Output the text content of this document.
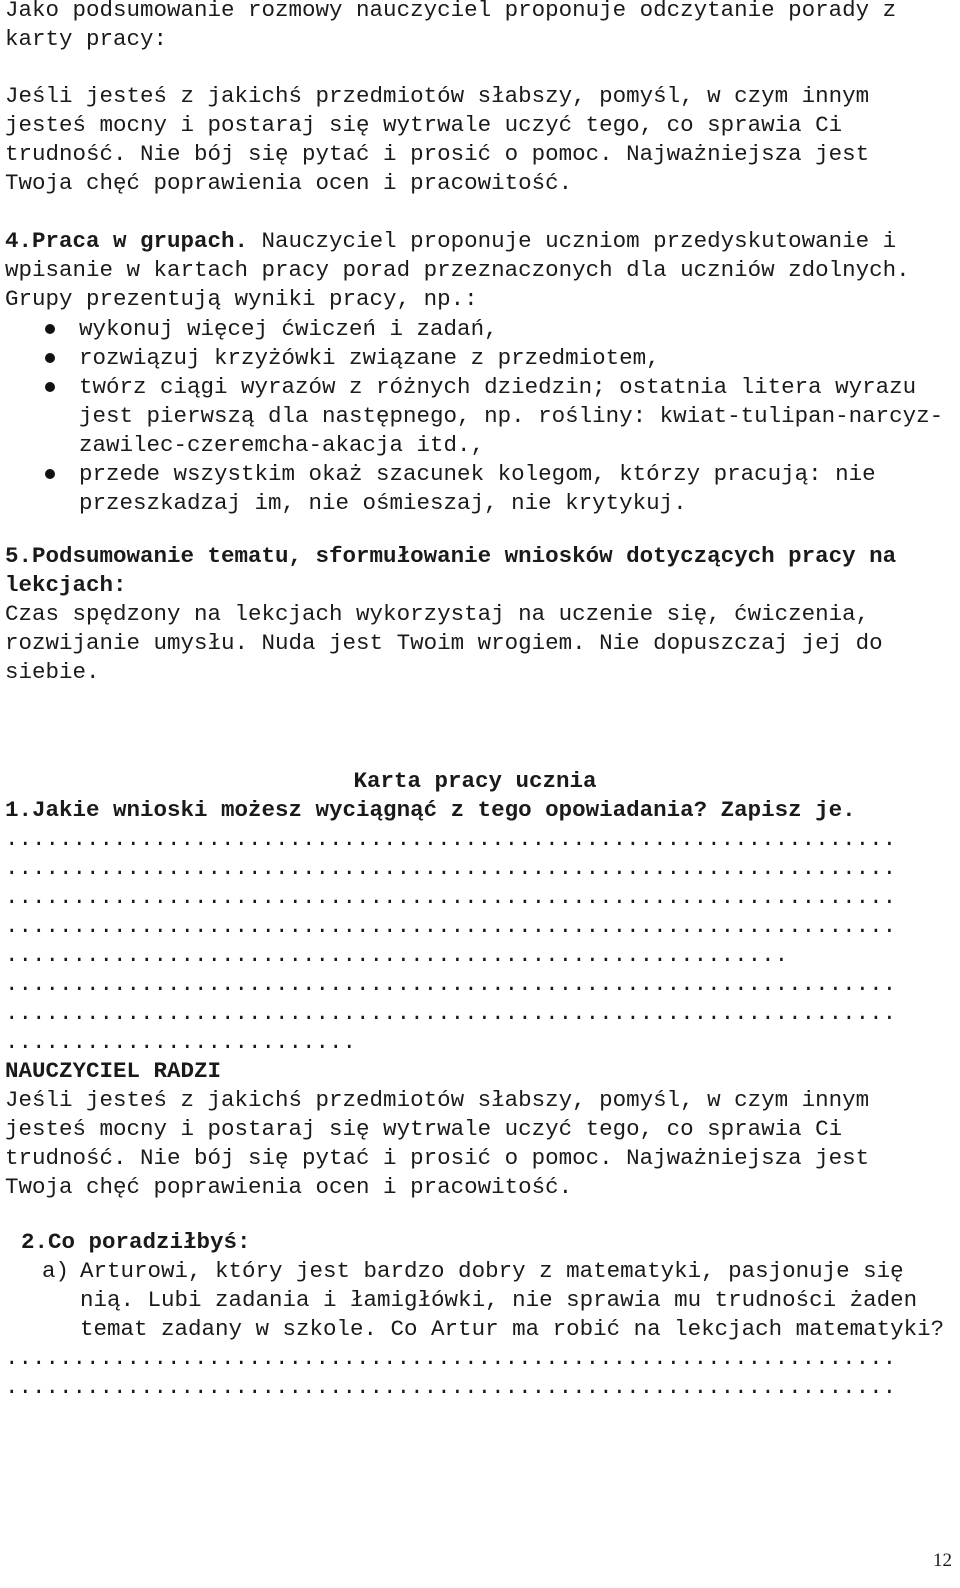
Jako podsumowanie rozmowy nauczyciel proponuje odczytanie porady z karty pracy:

Jeśli jesteś z jakichś przedmiotów słabszy, pomyśl, w czym innym jesteś mocny i postaraj się wytrwale uczyć tego, co sprawia Ci trudność. Nie bój się pytać i prosić o pomoc. Najważniejsza jest Twoja chęć poprawienia ocen i pracowitość.

4.Praca w grupach. Nauczyciel proponuje uczniom przedyskutowanie i wpisanie w kartach pracy porad przeznaczonych dla uczniów zdolnych. Grupy prezentują wyniki pracy, np.:

wykonuj więcej ćwiczeń i zadań,
rozwiązuj krzyżówki związane z przedmiotem,
twórz ciągi wyrazów z różnych dziedzin; ostatnia litera wyrazu jest pierwszą dla następnego, np. rośliny: kwiat-tulipan-narcyz-zawilec-czeremcha-akacja itd.,
przede wszystkim okaż szacunek kolegom, którzy pracują: nie przeszkadzaj im, nie ośmieszaj, nie krytykuj.

5.Podsumowanie tematu, sformułowanie wniosków dotyczących pracy na lekcjach:

Czas spędzony na lekcjach wykorzystaj na uczenie się, ćwiczenia, rozwijanie umysłu. Nuda jest Twoim wrogiem. Nie dopuszczaj jej do siebie.

Karta pracy ucznia

1.Jakie wnioski możesz wyciągnąć z tego opowiadania? Zapisz je.

..................................................................

..................................................................

..................................................................

..................................................................

..........................................................

..................................................................

..................................................................

..........................

NAUCZYCIEL RADZI

Jeśli jesteś z jakichś przedmiotów słabszy, pomyśl, w czym innym jesteś mocny i postaraj się wytrwale uczyć tego, co sprawia Ci trudność. Nie bój się pytać i prosić o pomoc. Najważniejsza jest Twoja chęć poprawienia ocen i pracowitość.

2.Co poradziłbyś:

a) Arturowi, który jest bardzo dobry z matematyki, pasjonuje się nią. Lubi zadania i łamigłówki, nie sprawia mu trudności żaden temat zadany w szkole. Co Artur ma robić na lekcjach matematyki?

..................................................................

..................................................................

12
